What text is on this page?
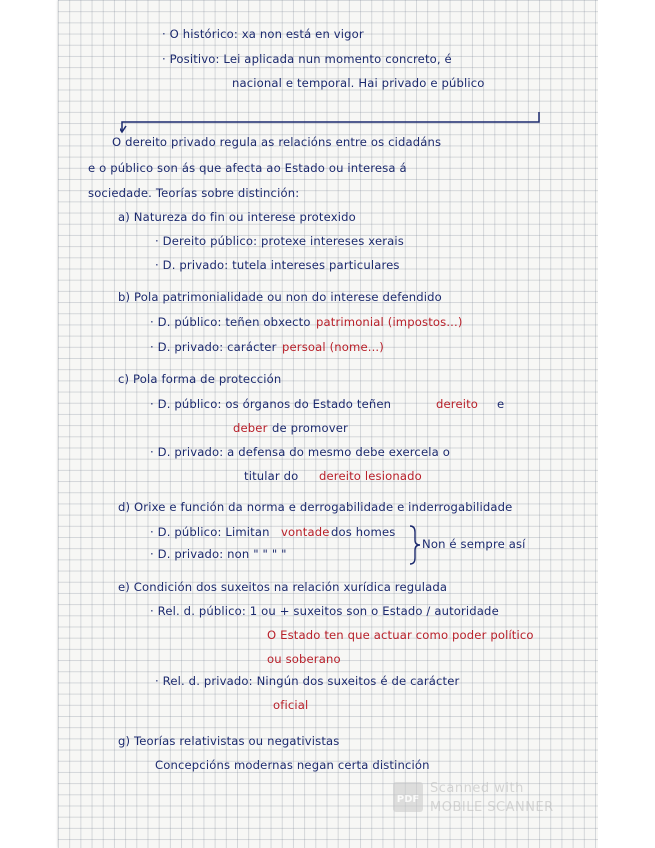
· O histórico: xa non está en vigor
· Positivo: Lei aplicada nun momento concreto, é
nacional e temporal. Hai privado e público
O dereito privado regula as relacións entre os cidadáns
e o público son ás que afecta ao Estado ou interesa á
sociedade. Teorías sobre distinción:
a) Natureza do fin ou interese protexido
· Dereito público: protexe intereses xerais
· D. privado: tutela intereses particulares
b) Pola patrimonialidade ou non do interese defendido
· D. público: teñen obxecto patrimonial (impostos...)
· D. privado: carácter persoal (nome...)
c) Pola forma de protección
· D. público: os órganos do Estado teñen	dereito e
deber de promover
· D. privado: a defensa do mesmo debe exercela o
titular do dereito lesionado
d) Orixe e función da norma e derrogabilidade e inderrogabilidade
· D. público: Limitan vontade dos homes
· D. privado: non " " " "
Non é sempre así
e) Condición dos suxeitos na relación xurídica regulada
· Rel. d. público: 1 ou + suxeitos son o Estado / autoridade
O Estado ten que actuar como poder político
ou soberano
· Rel. d. privado: Ningún dos suxeitos é de carácter
oficial
g) Teorías relativistas ou negativistas
Concepcións modernas negan certa distinción
PDF
Scanned with
MOBILE SCANNER
